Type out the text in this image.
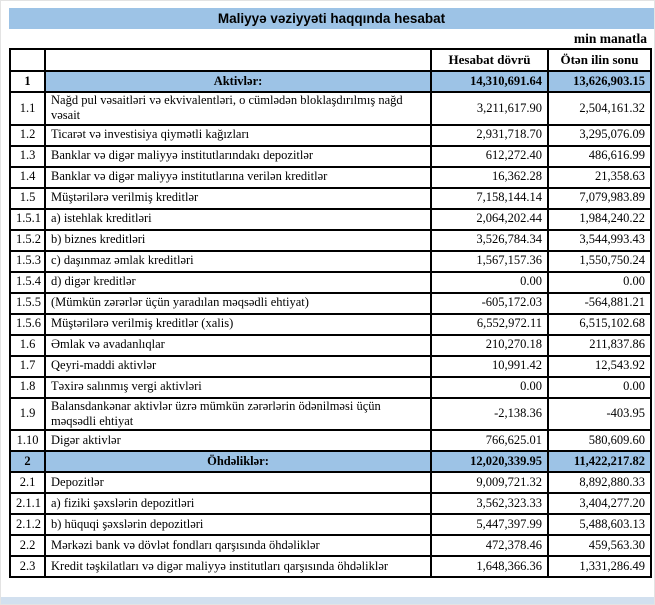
Maliyyə vəziyyəti haqqında hesabat
min manatla
		Hesabat dövrü	Ötən ilin sonu
1	Aktivlər:	14,310,691.64	13,626,903.15
1.1	Nağd pul vəsaitləri və ekvivalentləri, o cümlədən bloklaşdırılmış nağd vəsait	3,211,617.90	2,504,161.32
1.2	Ticarət və investisiya qiymətli kağızları	2,931,718.70	3,295,076.09
1.3	Banklar və digər maliyyə institutlarındakı depozitlər	612,272.40	486,616.99
1.4	Banklar və digər maliyyə institutlarına verilən kreditlər	16,362.28	21,358.63
1.5	Müştərilərə verilmiş kreditlər	7,158,144.14	7,079,983.89
1.5.1	a) istehlak kreditləri	2,064,202.44	1,984,240.22
1.5.2	b) biznes kreditləri	3,526,784.34	3,544,993.43
1.5.3	c) daşınmaz əmlak kreditləri	1,567,157.36	1,550,750.24
1.5.4	d) digər kreditlər	0.00	0.00
1.5.5	(Mümkün zərərlər üçün yaradılan məqsədli ehtiyat)	-605,172.03	-564,881.21
1.5.6	Müştərilərə verilmiş kreditlər (xalis)	6,552,972.11	6,515,102.68
1.6	Əmlak və avadanlıqlar	210,270.18	211,837.86
1.7	Qeyri-maddi aktivlər	10,991.42	12,543.92
1.8	Təxirə salınmış vergi aktivləri	0.00	0.00
1.9	Balansdankənar aktivlər üzrə mümkün zərərlərin ödənilməsi üçün məqsədli ehtiyat	-2,138.36	-403.95
1.10	Digər aktivlər	766,625.01	580,609.60
2	Öhdəliklər:	12,020,339.95	11,422,217.82
2.1	Depozitlər	9,009,721.32	8,892,880.33
2.1.1	a) fiziki şəxslərin depozitləri	3,562,323.33	3,404,277.20
2.1.2	b) hüquqi şəxslərin depozitləri	5,447,397.99	5,488,603.13
2.2	Mərkəzi bank və dövlət fondları qarşısında öhdəliklər	472,378.46	459,563.30
2.3	Kredit təşkilatları və digər maliyyə institutları qarşısında öhdəliklər	1,648,366.36	1,331,286.49
